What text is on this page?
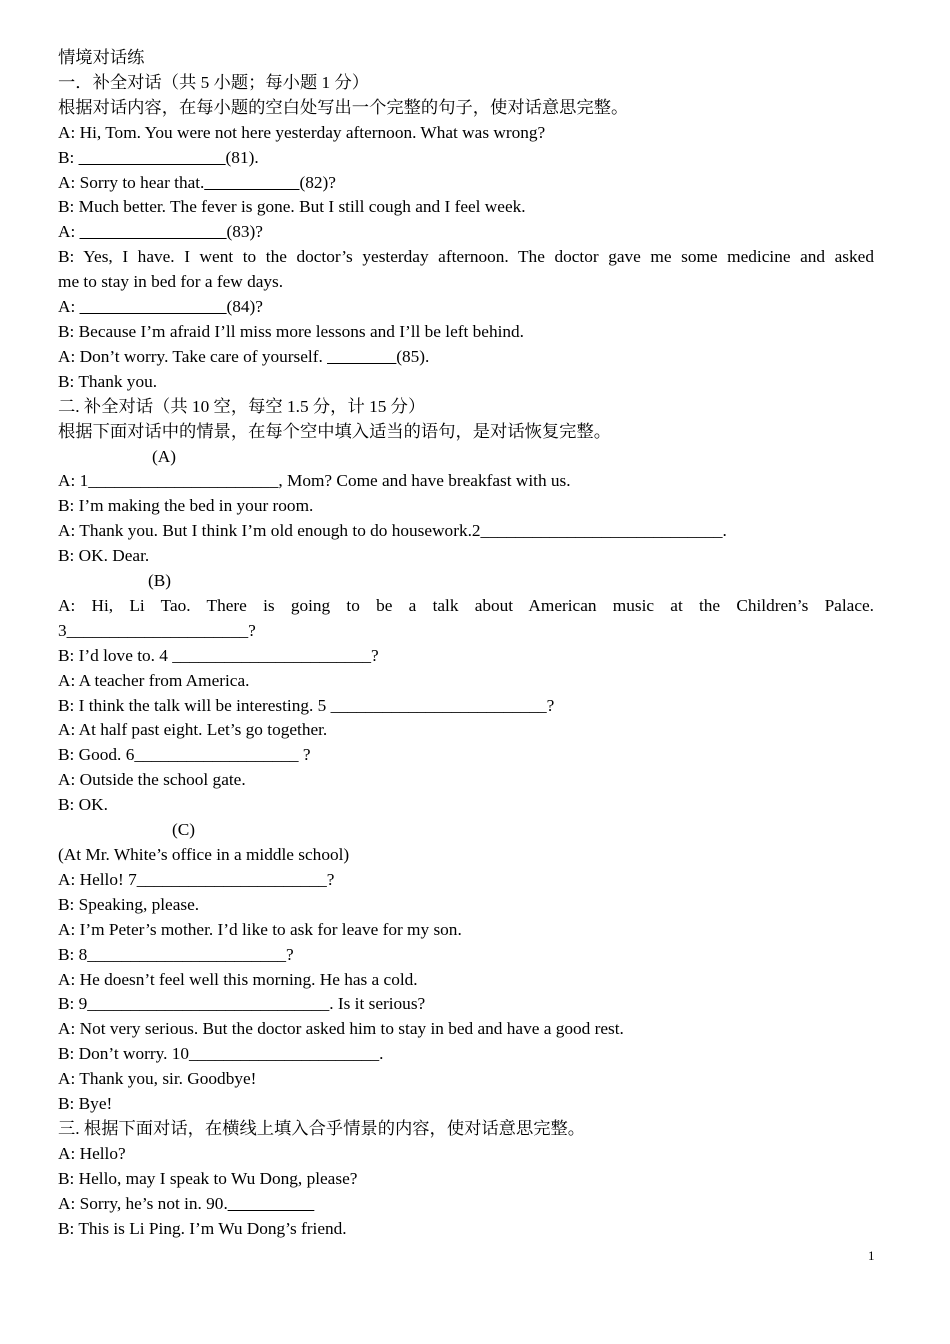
情境对话练
一．补全对话（共 5 小题；每小题 1 分）
根据对话内容，在每小题的空白处写出一个完整的句子，使对话意思完整。
A: Hi, Tom. You were not here yesterday afternoon. What was wrong?
B: _________________(81).
A: Sorry to hear that.___________(82)?
B: Much better. The fever is gone. But I still cough and I feel week.
A: _________________(83)?
B: Yes, I have. I went to the doctor’s yesterday afternoon. The doctor gave me some medicine and asked
me to stay in bed for a few days.
A: _________________(84)?
B: Because I’m afraid I’ll miss more lessons and I’ll be left behind.
A: Don’t worry. Take care of yourself. ________(85).
B: Thank you.
二. 补全对话（共 10 空，每空 1.5 分，计 15 分）
根据下面对话中的情景，在每个空中填入适当的语句，是对话恢复完整。
(A)
A: 1______________________, Mom? Come and have breakfast with us.
B: I’m making the bed in your room.
A: Thank you. But I think I’m old enough to do housework.2____________________________.
B: OK. Dear.
(B)
A: Hi, Li Tao. There is going to be a talk about American music at the Children’s Palace.
3_____________________?
B: I’d love to. 4 _______________________?
A: A teacher from America.
B: I think the talk will be interesting. 5 _________________________?
A: At half past eight. Let’s go together.
B: Good. 6___________________ ?
A: Outside the school gate.
B: OK.
(C)
(At Mr. White’s office in a middle school)
A: Hello! 7______________________?
B: Speaking, please.
A: I’m Peter’s mother. I’d like to ask for leave for my son.
B: 8_______________________?
A: He doesn’t feel well this morning. He has a cold.
B: 9____________________________. Is it serious?
A: Not very serious. But the doctor asked him to stay in bed and have a good rest.
B: Don’t worry. 10______________________.
A: Thank you, sir. Goodbye!
B: Bye!
三. 根据下面对话，在横线上填入合乎情景的内容，使对话意思完整。
A: Hello?
B: Hello, may I speak to Wu Dong, please?
A: Sorry, he’s not in. 90.__________
B: This is Li Ping. I’m Wu Dong’s friend.
1
